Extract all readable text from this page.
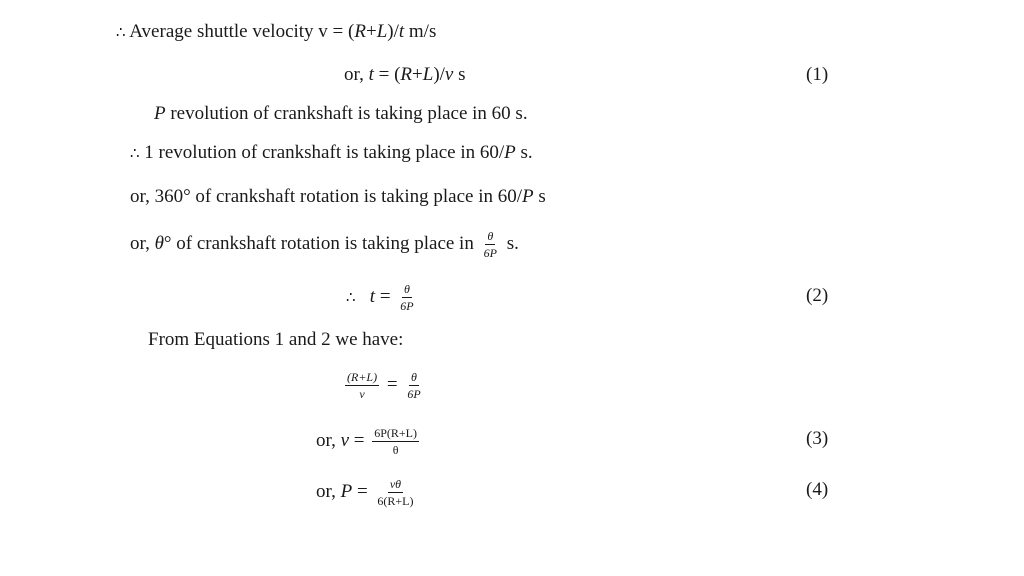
∴ Average shuttle velocity v = (R+L)/t m/s
or, t = (R+L)/v s	(1)
P revolution of crankshaft is taking place in 60 s.
∴ 1 revolution of crankshaft is taking place in 60/P s.
or, 360° of crankshaft rotation is taking place in 60/P s
or, θ° of crankshaft rotation is taking place in $\frac{\theta}{6P} s$.
∴ $t = \frac{\theta}{6P}$	(2)
From Equations 1 and 2 we have:
$\frac{(R+L)}{v} = \frac{\theta}{6P}$
or, $v = \frac{6P(R+L)}{\theta}$	(3)
or, $P = \frac{v\theta}{6(R+L)}$	(4)
